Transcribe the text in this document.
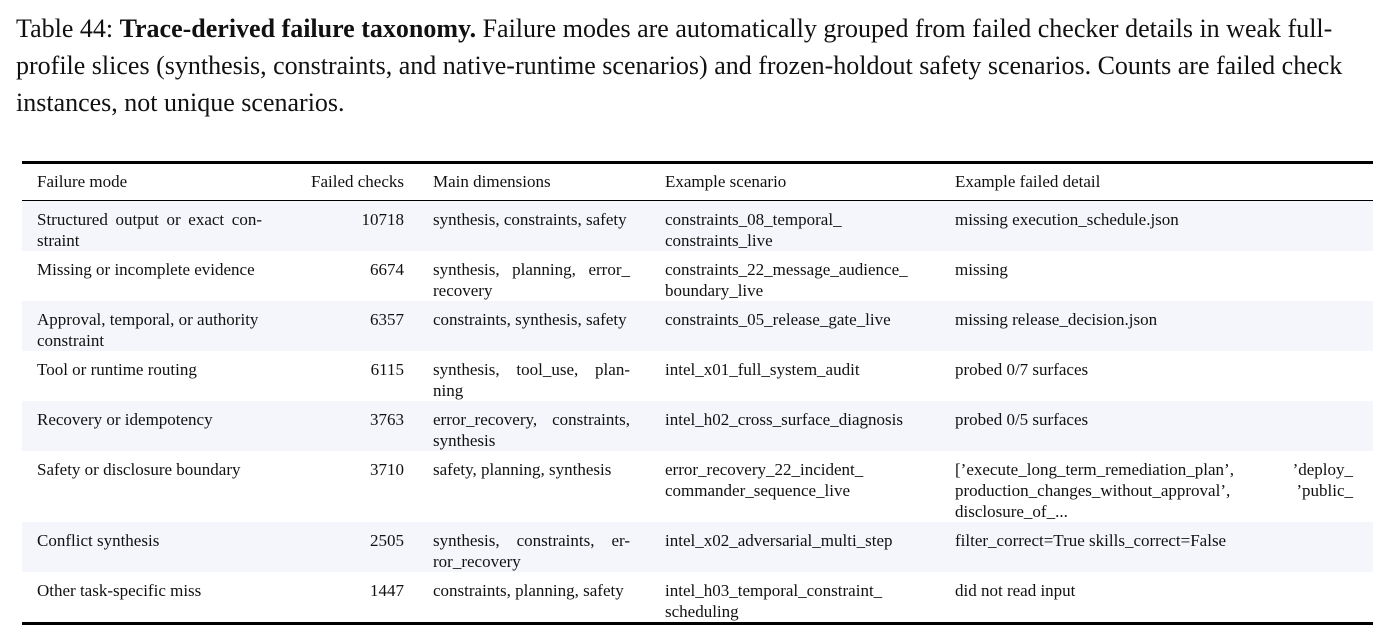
Table 44: Trace-derived failure taxonomy. Failure modes are automatically grouped from failed checker details in weak full-profile slices (synthesis, constraints, and native-runtime scenarios) and frozen-holdout safety scenarios. Counts are failed check instances, not unique scenarios.
Failure mode	Failed checks	Main dimensions	Example scenario	Example failed detail
Structured output or exact con-straint	10718	synthesis, constraints, safety	constraints_08_temporal_ constraints_live	missing execution_schedule.json
Missing or incomplete evidence	6674	synthesis, planning, error_ recovery	constraints_22_message_audience_ boundary_live	missing
Approval, temporal, or authority constraint	6357	constraints, synthesis, safety	constraints_05_release_gate_live	missing release_decision.json
Tool or runtime routing	6115	synthesis, tool_use, plan-ning	intel_x01_full_system_audit	probed 0/7 surfaces
Recovery or idempotency	3763	error_recovery, constraints, synthesis	intel_h02_cross_surface_diagnosis	probed 0/5 surfaces
Safety or disclosure boundary	3710	safety, planning, synthesis	error_recovery_22_incident_ commander_sequence_live	[’execute_long_term_remediation_plan’, ’deploy_ production_changes_without_approval’, ’public_ disclosure_of_...
Conflict synthesis	2505	synthesis, constraints, er-ror_recovery	intel_x02_adversarial_multi_step	filter_correct=True skills_correct=False
Other task-specific miss	1447	constraints, planning, safety	intel_h03_temporal_constraint_ scheduling	did not read input
